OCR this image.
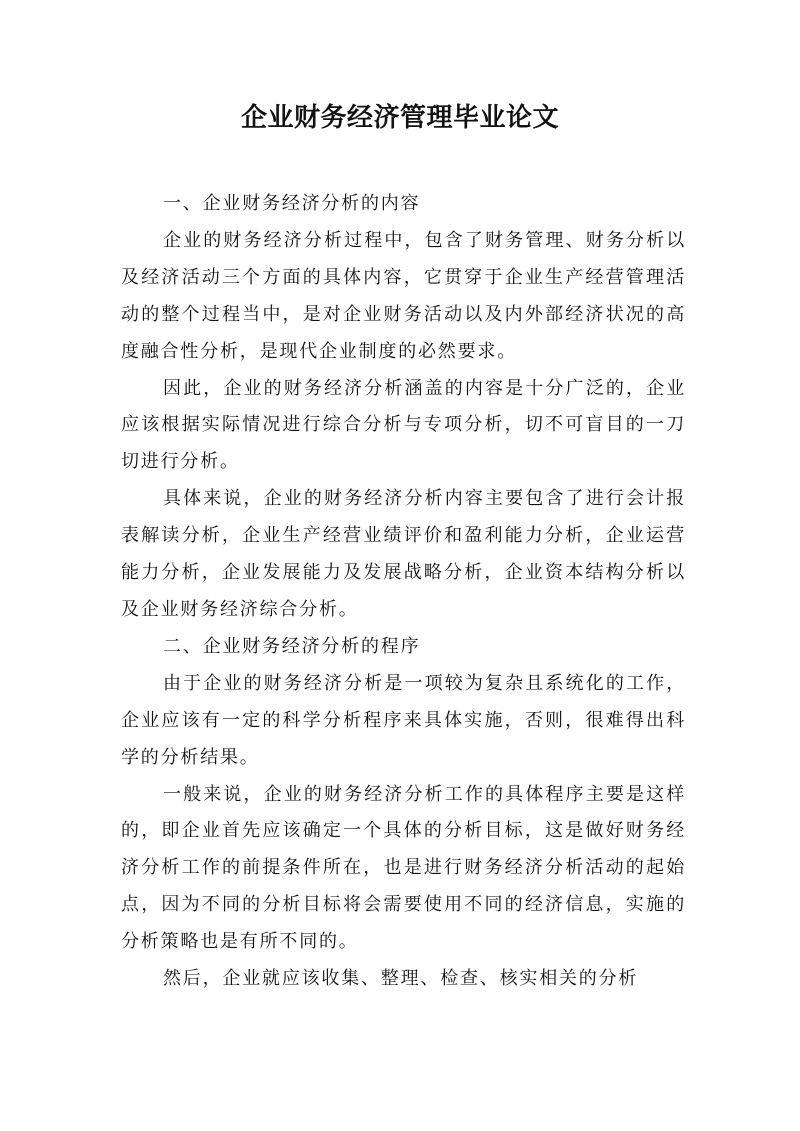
企业财务经济管理毕业论文

一、企业财务经济分析的内容

企业的财务经济分析过程中，包含了财务管理、财务分析以及经济活动三个方面的具体内容，它贯穿于企业生产经营管理活动的整个过程当中，是对企业财务活动以及内外部经济状况的高度融合性分析，是现代企业制度的必然要求。

因此，企业的财务经济分析涵盖的内容是十分广泛的，企业应该根据实际情况进行综合分析与专项分析，切不可盲目的一刀切进行分析。

具体来说，企业的财务经济分析内容主要包含了进行会计报表解读分析，企业生产经营业绩评价和盈利能力分析，企业运营能力分析，企业发展能力及发展战略分析，企业资本结构分析以及企业财务经济综合分析。

二、企业财务经济分析的程序

由于企业的财务经济分析是一项较为复杂且系统化的工作，企业应该有一定的科学分析程序来具体实施，否则，很难得出科学的分析结果。

一般来说，企业的财务经济分析工作的具体程序主要是这样的，即企业首先应该确定一个具体的分析目标，这是做好财务经济分析工作的前提条件所在，也是进行财务经济分析活动的起始点，因为不同的分析目标将会需要使用不同的经济信息，实施的分析策略也是有所不同的。

然后，企业就应该收集、整理、检查、核实相关的分析
